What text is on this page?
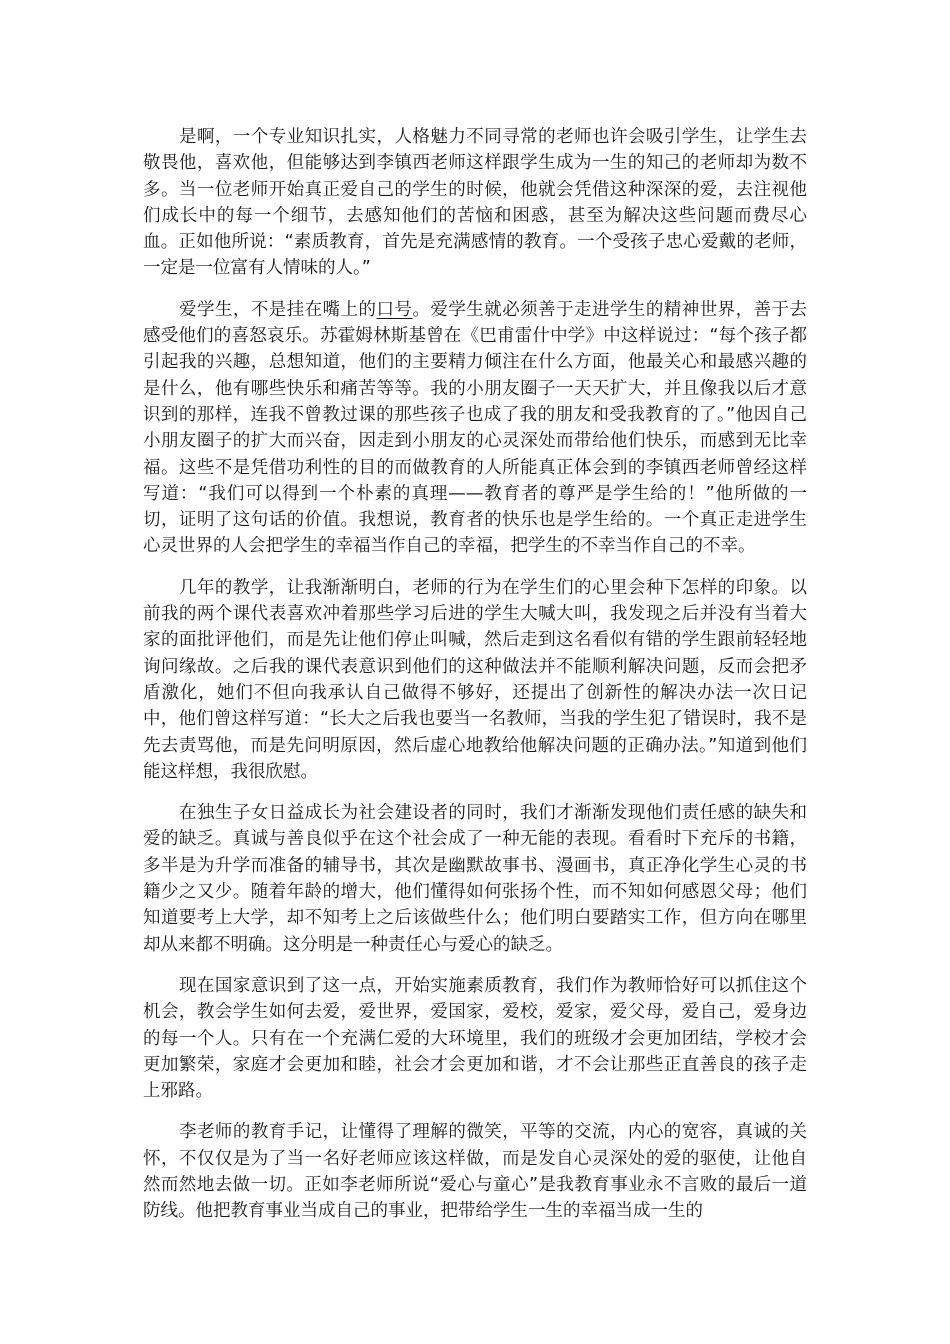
是啊，一个专业知识扎实，人格魅力不同寻常的老师也许会吸引学生，让学生去敬畏他，喜欢他，但能够达到李镇西老师这样跟学生成为一生的知己的老师却为数不多。当一位老师开始真正爱自己的学生的时候，他就会凭借这种深深的爱，去注视他们成长中的每一个细节，去感知他们的苦恼和困惑，甚至为解决这些问题而费尽心血。正如他所说：“素质教育，首先是充满感情的教育。一个受孩子忠心爱戴的老师，一定是一位富有人情味的人。”

爱学生，不是挂在嘴上的口号。爱学生就必须善于走进学生的精神世界，善于去感受他们的喜怒哀乐。苏霍姆林斯基曾在《巴甫雷什中学》中这样说过：“每个孩子都引起我的兴趣，总想知道，他们的主要精力倾注在什么方面，他最关心和最感兴趣的是什么，他有哪些快乐和痛苦等等。我的小朋友圈子一天天扩大，并且像我以后才意识到的那样，连我不曾教过课的那些孩子也成了我的朋友和受我教育的了。”他因自己小朋友圈子的扩大而兴奋，因走到小朋友的心灵深处而带给他们快乐，而感到无比幸福。这些不是凭借功利性的目的而做教育的人所能真正体会到的李镇西老师曾经这样写道：“我们可以得到一个朴素的真理——教育者的尊严是学生给的！”他所做的一切，证明了这句话的价值。我想说，教育者的快乐也是学生给的。一个真正走进学生心灵世界的人会把学生的幸福当作自己的幸福，把学生的不幸当作自己的不幸。

几年的教学，让我渐渐明白，老师的行为在学生们的心里会种下怎样的印象。以前我的两个课代表喜欢冲着那些学习后进的学生大喊大叫，我发现之后并没有当着大家的面批评他们，而是先让他们停止叫喊，然后走到这名看似有错的学生跟前轻轻地询问缘故。之后我的课代表意识到他们的这种做法并不能顺利解决问题，反而会把矛盾激化，她们不但向我承认自己做得不够好，还提出了创新性的解决办法一次日记中，他们曾这样写道：“长大之后我也要当一名教师，当我的学生犯了错误时，我不是先去责骂他，而是先问明原因，然后虚心地教给他解决问题的正确办法。”知道到他们能这样想，我很欣慰。

在独生子女日益成长为社会建设者的同时，我们才渐渐发现他们责任感的缺失和爱的缺乏。真诚与善良似乎在这个社会成了一种无能的表现。看看时下充斥的书籍，多半是为升学而准备的辅导书，其次是幽默故事书、漫画书，真正净化学生心灵的书籍少之又少。随着年龄的增大，他们懂得如何张扬个性，而不知如何感恩父母；他们知道要考上大学，却不知考上之后该做些什么；他们明白要踏实工作，但方向在哪里却从来都不明确。这分明是一种责任心与爱心的缺乏。

现在国家意识到了这一点，开始实施素质教育，我们作为教师恰好可以抓住这个机会，教会学生如何去爱，爱世界，爱国家，爱校，爱家，爱父母，爱自己，爱身边的每一个人。只有在一个充满仁爱的大环境里，我们的班级才会更加团结，学校才会更加繁荣，家庭才会更加和睦，社会才会更加和谐，才不会让那些正直善良的孩子走上邪路。

李老师的教育手记，让懂得了理解的微笑，平等的交流，内心的宽容，真诚的关怀，不仅仅是为了当一名好老师应该这样做，而是发自心灵深处的爱的驱使，让他自然而然地去做一切。正如李老师所说“爱心与童心”是我教育事业永不言败的最后一道防线。他把教育事业当成自己的事业，把带给学生一生的幸福当成一生的
